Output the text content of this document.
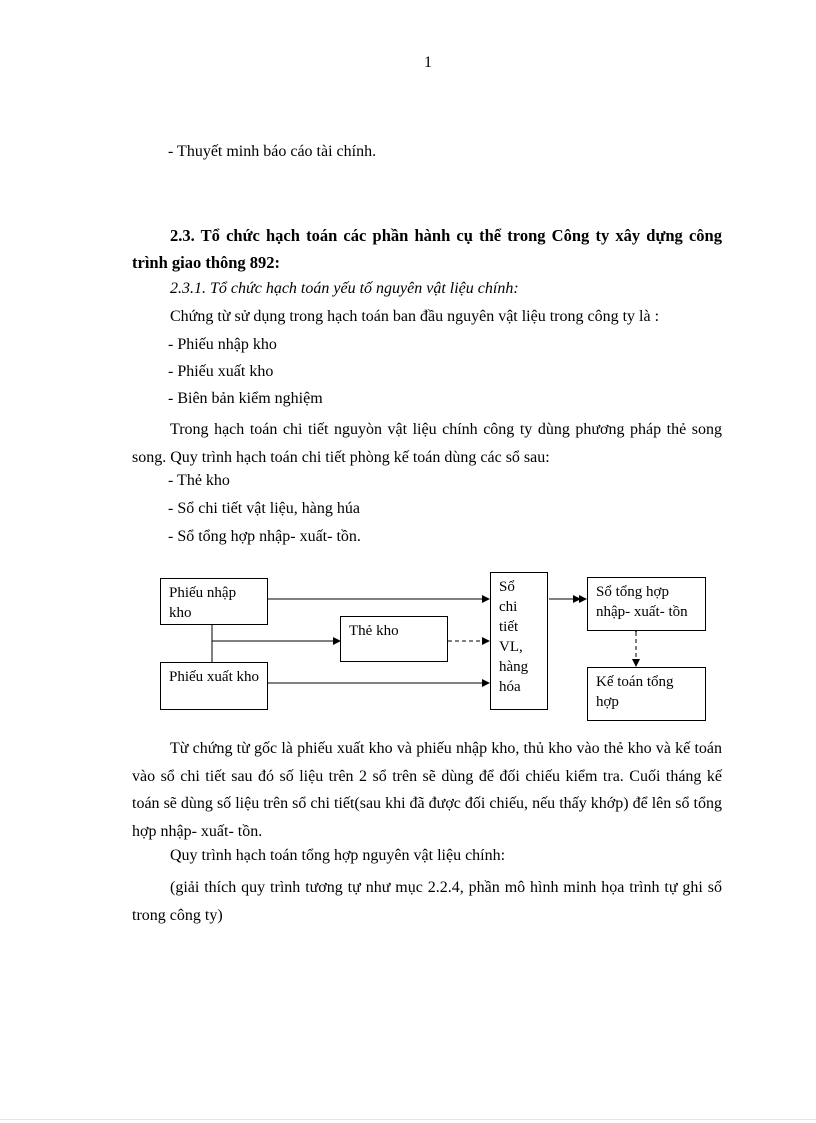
1
- Thuyết minh báo cáo tài chính.
2.3. Tổ chức hạch toán các phần hành cụ thể trong Công ty xây dựng công
trình giao thông 892:
2.3.1. Tổ chức hạch toán yếu tố nguyên vật liệu chính:
Chứng từ sử dụng trong hạch toán ban đầu nguyên vật liệu trong công ty là :
- Phiếu nhập kho
- Phiếu xuất kho
- Biên bản kiểm nghiệm
Trong hạch toán chi tiết nguyòn vật liệu chính công ty dùng phương pháp thẻ song song. Quy trình hạch toán chi tiết phòng kế toán dùng các sổ sau:
- Thẻ kho
- Sổ chi tiết vật liệu, hàng húa
- Sổ tổng hợp nhập- xuất- tồn.
Phiếu nhập kho
Phiếu xuất kho
Thẻ kho
Sổ chi tiết VL, hàng hóa
Sổ tổng hợp nhập- xuất- tồn
Kế toán tổng hợp
Từ chứng từ gốc là phiếu xuất kho và phiếu nhập kho, thủ kho vào thẻ kho và kế toán vào sổ chi tiết sau đó số liệu trên 2 sổ trên sẽ dùng để đối chiếu kiểm tra. Cuối tháng kế toán sẽ dùng số liệu trên sổ chi tiết(sau khi đã được đối chiếu, nếu thấy khớp) để lên sổ tổng hợp nhập- xuất- tồn.
Quy trình hạch toán tổng hợp nguyên vật liệu chính:
(giải thích quy trình tương tự như mục 2.2.4, phần mô hình minh họa trình tự ghi sổ trong công ty)
